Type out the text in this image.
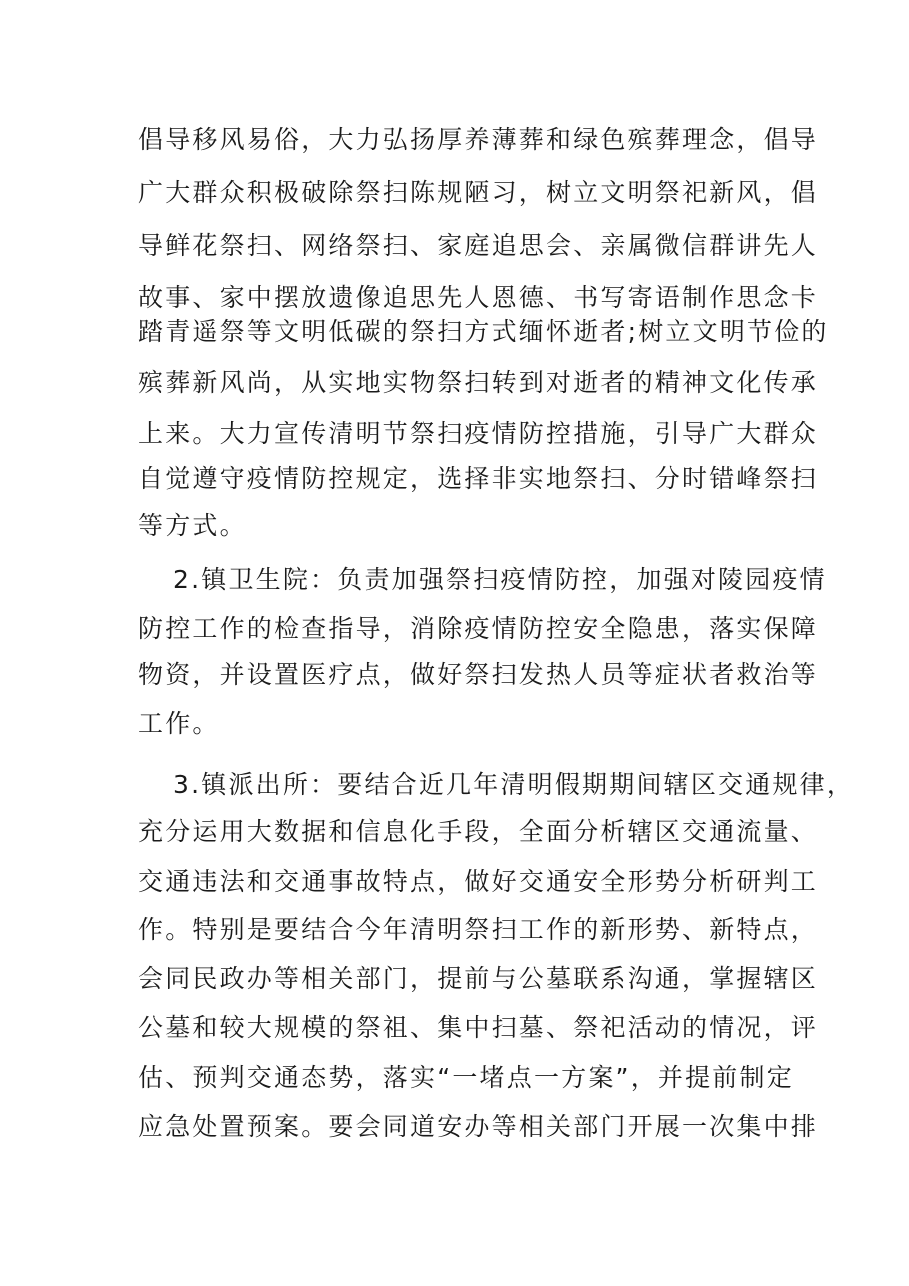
倡导移风易俗，大力弘扬厚养薄葬和绿色殡葬理念，倡导
广大群众积极破除祭扫陈规陋习，树立文明祭祀新风，倡
导鲜花祭扫、网络祭扫、家庭追思会、亲属微信群讲先人
故事、家中摆放遗像追思先人恩德、书写寄语制作思念卡
踏青遥祭等文明低碳的祭扫方式缅怀逝者;树立文明节俭的
殡葬新风尚，从实地实物祭扫转到对逝者的精神文化传承
上来。大力宣传清明节祭扫疫情防控措施，引导广大群众
自觉遵守疫情防控规定，选择非实地祭扫、分时错峰祭扫
等方式。
2.镇卫生院：负责加强祭扫疫情防控，加强对陵园疫情
防控工作的检查指导，消除疫情防控安全隐患，落实保障
物资，并设置医疗点，做好祭扫发热人员等症状者救治等
工作。
3.镇派出所：要结合近几年清明假期期间辖区交通规律，
充分运用大数据和信息化手段，全面分析辖区交通流量、
交通违法和交通事故特点，做好交通安全形势分析研判工
作。特别是要结合今年清明祭扫工作的新形势、新特点，
会同民政办等相关部门，提前与公墓联系沟通，掌握辖区
公墓和较大规模的祭祖、集中扫墓、祭祀活动的情况，评
估、预判交通态势，落实“一堵点一方案”，并提前制定
应急处置预案。要会同道安办等相关部门开展一次集中排
